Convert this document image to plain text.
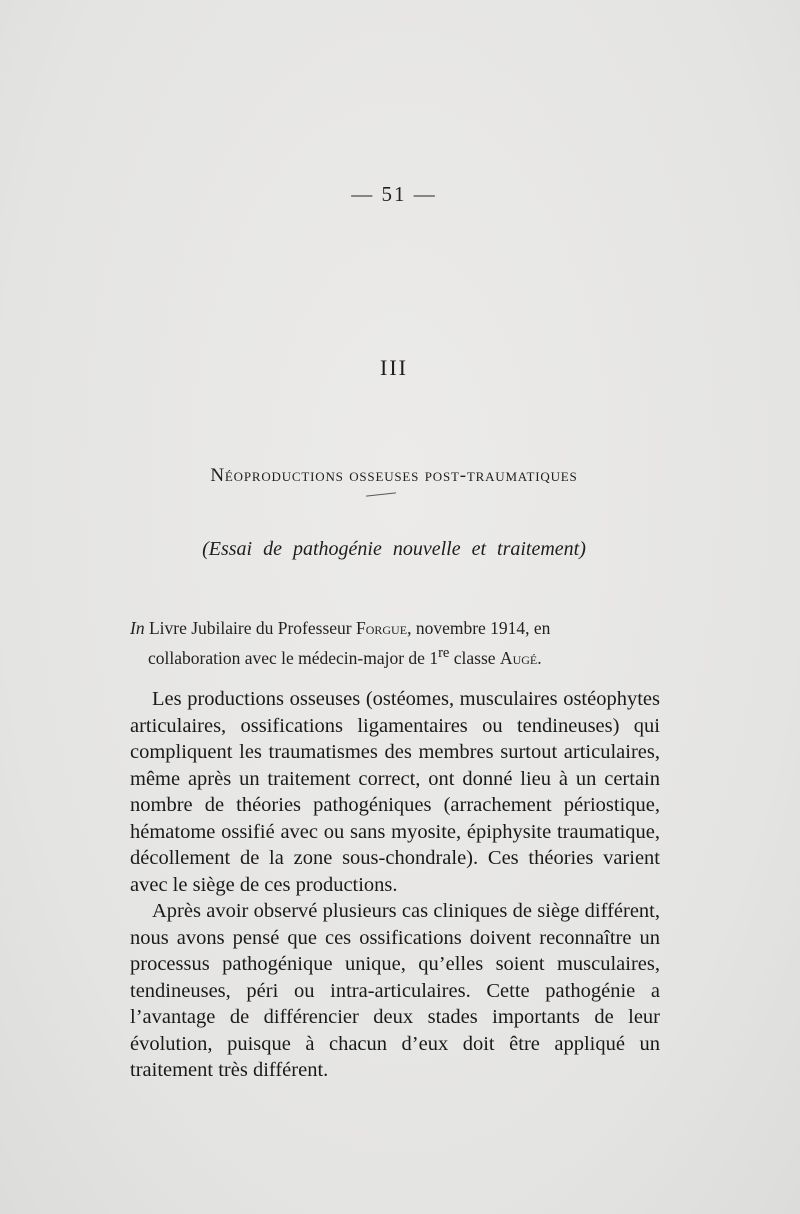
— 51 —
III
Néoproductions osseuses post-traumatiques
(Essai de pathogénie nouvelle et traitement)
In Livre Jubilaire du Professeur Forgue, novembre 1914, en
collaboration avec le médecin-major de 1re classe Augé.

Les productions osseuses (ostéomes, musculaires ostéophytes articulaires, ossifications ligamentaires ou tendineuses) qui compliquent les traumatismes des membres surtout articulaires, même après un traitement correct, ont donné lieu à un certain nombre de théories pathogéniques (arrachement périostique, hématome ossifié avec ou sans myosite, épiphysite traumatique, décollement de la zone sous-chondrale). Ces théories varient avec le siège de ces productions.

Après avoir observé plusieurs cas cliniques de siège différent, nous avons pensé que ces ossifications doivent reconnaître un processus pathogénique unique, qu’elles soient musculaires, tendineuses, péri ou intra-articulaires. Cette pathogénie a l’avantage de différencier deux stades importants de leur évolution, puisque à chacun d’eux doit être appliqué un traitement très différent.
